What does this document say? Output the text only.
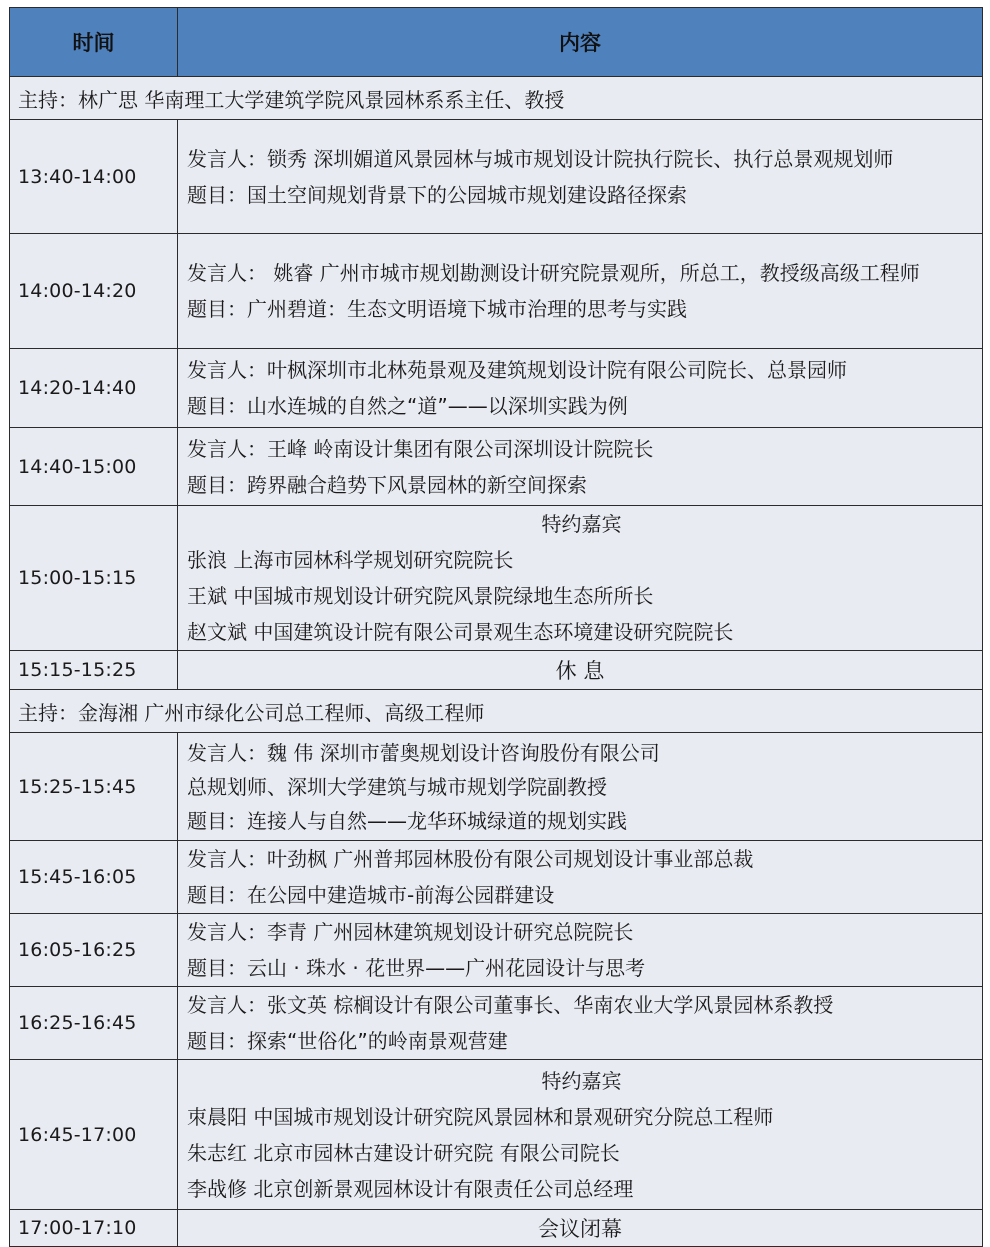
时间	内容
主持：林广思 华南理工大学建筑学院风景园林系系主任、教授	
13:40-14:00	发言人：锁秀 深圳媚道风景园林与城市规划设计院执行院长、执行总景观规划师
题目：国土空间规划背景下的公园城市规划建设路径探索

14:00-14:20	发言人： 姚睿 广州市城市规划勘测设计研究院景观所，所总工，教授级高级工程师
题目：广州碧道：生态文明语境下城市治理的思考与实践

14:20-14:40	发言人：叶枫深圳市北林苑景观及建筑规划设计院有限公司院长、总景园师
题目：山水连城的自然之“道”——以深圳实践为例

14:40-15:00	发言人：王峰 岭南设计集团有限公司深圳设计院院长
题目：跨界融合趋势下风景园林的新空间探索

15:00-15:15	特约嘉宾
张浪 上海市园林科学规划研究院院长
王斌 中国城市规划设计研究院风景院绿地生态所所长
赵文斌 中国建筑设计院有限公司景观生态环境建设研究院院长

15:15-15:25	休 息
主持：金海湘 广州市绿化公司总工程师、高级工程师	
15:25-15:45	发言人：魏 伟 深圳市蕾奥规划设计咨询股份有限公司
总规划师、深圳大学建筑与城市规划学院副教授
题目：连接人与自然——龙华环城绿道的规划实践

15:45-16:05	发言人：叶劲枫 广州普邦园林股份有限公司规划设计事业部总裁
题目：在公园中建造城市-前海公园群建设

16:05-16:25	发言人：李青 广州园林建筑规划设计研究总院院长
题目：云山 · 珠水 · 花世界——广州花园设计与思考

16:25-16:45	发言人：张文英 棕榈设计有限公司董事长、华南农业大学风景园林系教授
题目：探索“世俗化”的岭南景观营建

16:45-17:00	特约嘉宾
朿晨阳 中国城市规划设计研究院风景园林和景观研究分院总工程师
朱志红 北京市园林古建设计研究院 有限公司院长
李战修 北京创新景观园林设计有限责任公司总经理

17:00-17:10	会议闭幕
